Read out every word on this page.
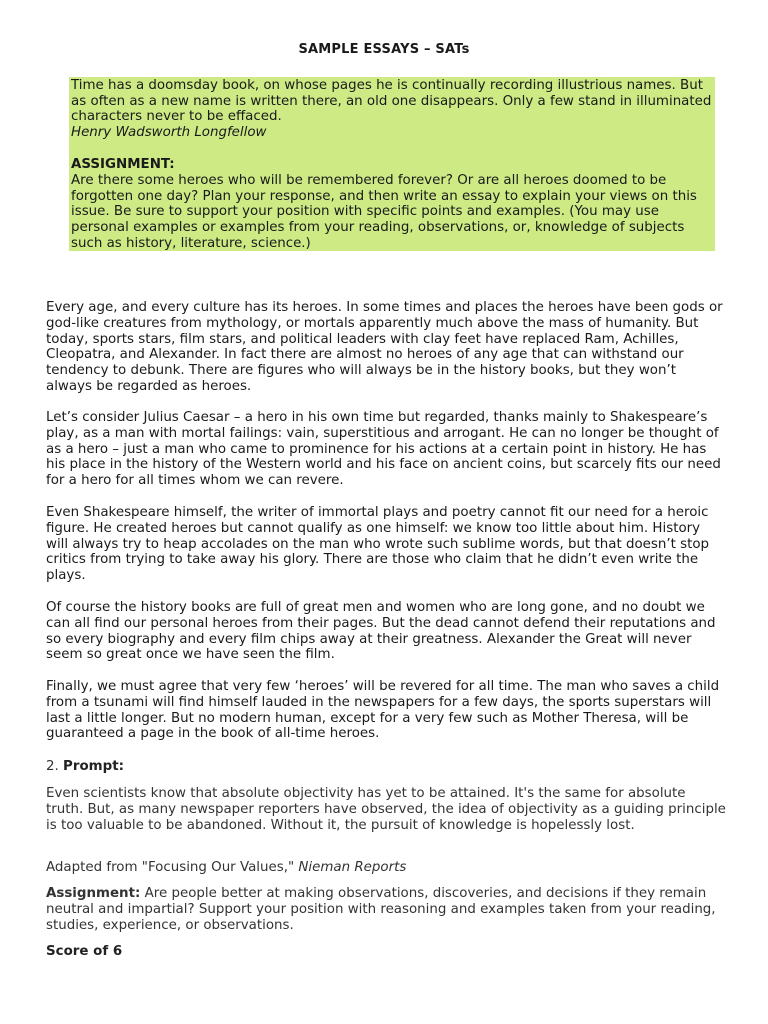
SAMPLE ESSAYS – SATs
Time has a doomsday book, on whose pages he is continually recording illustrious names. But as often as a new name is written there, an old one disappears. Only a few stand in illuminated characters never to be effaced.
Henry Wadsworth Longfellow
ASSIGNMENT:
Are there some heroes who will be remembered forever? Or are all heroes doomed to be forgotten one day? Plan your response, and then write an essay to explain your views on this issue. Be sure to support your position with specific points and examples. (You may use personal examples or examples from your reading, observations, or, knowledge of subjects such as history, literature, science.)
Every age, and every culture has its heroes. In some times and places the heroes have been gods or god-like creatures from mythology, or mortals apparently much above the mass of humanity. But today, sports stars, film stars, and political leaders with clay feet have replaced Ram, Achilles, Cleopatra, and Alexander. In fact there are almost no heroes of any age that can withstand our tendency to debunk. There are figures who will always be in the history books, but they won’t always be regarded as heroes.
Let’s consider Julius Caesar – a hero in his own time but regarded, thanks mainly to Shakespeare’s play, as a man with mortal failings: vain, superstitious and arrogant. He can no longer be thought of as a hero – just a man who came to prominence for his actions at a certain point in history. He has his place in the history of the Western world and his face on ancient coins, but scarcely fits our need for a hero for all times whom we can revere.
Even Shakespeare himself, the writer of immortal plays and poetry cannot fit our need for a heroic figure. He created heroes but cannot qualify as one himself: we know too little about him. History will always try to heap accolades on the man who wrote such sublime words, but that doesn’t stop critics from trying to take away his glory. There are those who claim that he didn’t even write the plays.
Of course the history books are full of great men and women who are long gone, and no doubt we can all find our personal heroes from their pages. But the dead cannot defend their reputations and so every biography and every film chips away at their greatness. Alexander the Great will never seem so great once we have seen the film.
Finally, we must agree that very few ‘heroes’ will be revered for all time. The man who saves a child from a tsunami will find himself lauded in the newspapers for a few days, the sports superstars will last a little longer. But no modern human, except for a very few such as Mother Theresa, will be guaranteed a page in the book of all-time heroes.
2. Prompt:
Even scientists know that absolute objectivity has yet to be attained. It's the same for absolute truth. But, as many newspaper reporters have observed, the idea of objectivity as a guiding principle is too valuable to be abandoned. Without it, the pursuit of knowledge is hopelessly lost.
Adapted from "Focusing Our Values," Nieman Reports
Assignment: Are people better at making observations, discoveries, and decisions if they remain neutral and impartial? Support your position with reasoning and examples taken from your reading, studies, experience, or observations.
Score of 6
